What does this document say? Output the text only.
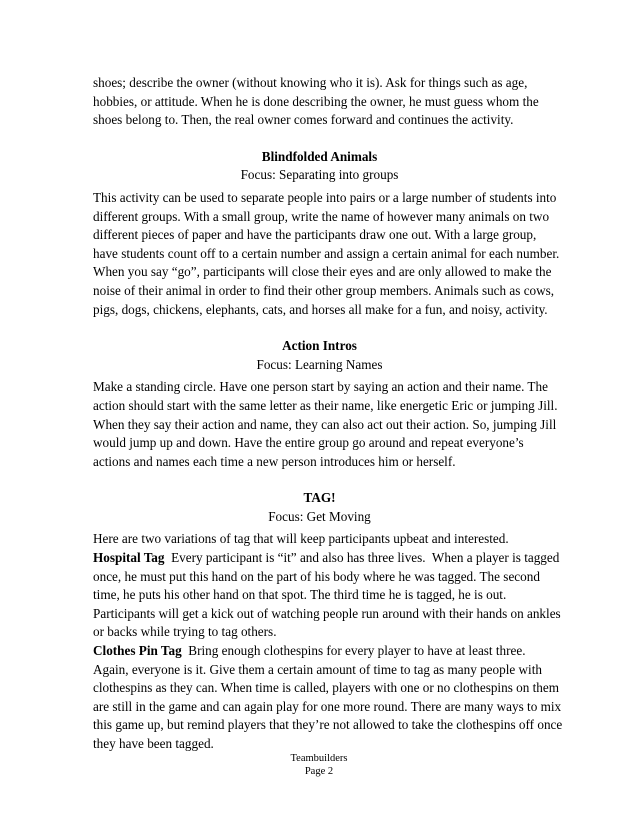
shoes; describe the owner (without knowing who it is). Ask for things such as age,
hobbies, or attitude. When he is done describing the owner, he must guess whom the
shoes belong to. Then, the real owner comes forward and continues the activity.

Blindfolded Animals

Focus: Separating into groups

This activity can be used to separate people into pairs or a large number of students into
different groups. With a small group, write the name of however many animals on two
different pieces of paper and have the participants draw one out. With a large group,
have students count off to a certain number and assign a certain animal for each number.
When you say “go”, participants will close their eyes and are only allowed to make the
noise of their animal in order to find their other group members. Animals such as cows,
pigs, dogs, chickens, elephants, cats, and horses all make for a fun, and noisy, activity.

Action Intros

Focus: Learning Names

Make a standing circle. Have one person start by saying an action and their name. The
action should start with the same letter as their name, like energetic Eric or jumping Jill.
When they say their action and name, they can also act out their action. So, jumping Jill
would jump up and down. Have the entire group go around and repeat everyone’s
actions and names each time a new person introduces him or herself.

TAG!

Focus: Get Moving

Here are two variations of tag that will keep participants upbeat and interested.
Hospital Tag  Every participant is “it” and also has three lives.  When a player is tagged
once, he must put this hand on the part of his body where he was tagged. The second
time, he puts his other hand on that spot. The third time he is tagged, he is out.
Participants will get a kick out of watching people run around with their hands on ankles
or backs while trying to tag others.
Clothes Pin Tag  Bring enough clothespins for every player to have at least three.
Again, everyone is it. Give them a certain amount of time to tag as many people with
clothespins as they can. When time is called, players with one or no clothespins on them
are still in the game and can again play for one more round. There are many ways to mix
this game up, but remind players that they’re not allowed to take the clothespins off once
they have been tagged.

Teambuilders
Page 2
